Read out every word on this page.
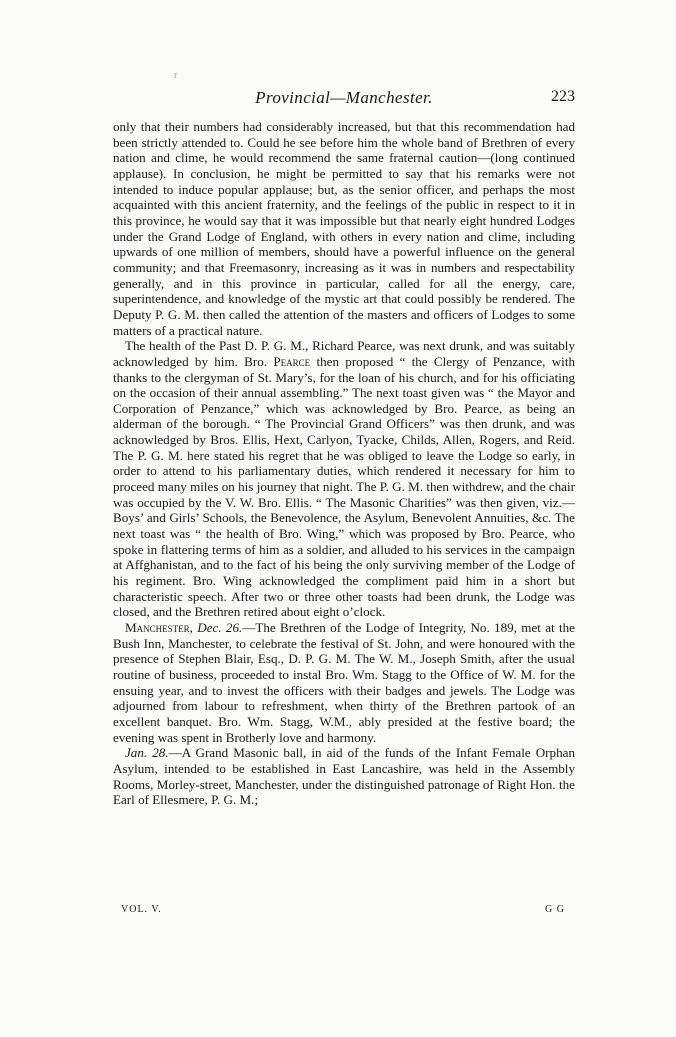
r
Provincial—Manchester.	223

only that their numbers had considerably increased, but that this recommendation had been strictly attended to. Could he see before him the whole band of Brethren of every nation and clime, he would recommend the same fraternal caution—(long continued applause). In conclusion, he might be permitted to say that his remarks were not intended to induce popular applause; but, as the senior officer, and perhaps the most acquainted with this ancient fraternity, and the feelings of the public in respect to it in this province, he would say that it was impossible but that nearly eight hundred Lodges under the Grand Lodge of England, with others in every nation and clime, including upwards of one million of members, should have a powerful influence on the general community; and that Freemasonry, increasing as it was in numbers and respectability generally, and in this province in particular, called for all the energy, care, superintendence, and knowledge of the mystic art that could possibly be rendered. The Deputy P. G. M. then called the attention of the masters and officers of Lodges to some matters of a practical nature.

The health of the Past D. P. G. M., Richard Pearce, was next drunk, and was suitably acknowledged by him. Bro. Pearce then proposed “ the Clergy of Penzance, with thanks to the clergyman of St. Mary’s, for the loan of his church, and for his officiating on the occasion of their annual assembling.” The next toast given was “ the Mayor and Corporation of Penzance,” which was acknowledged by Bro. Pearce, as being an alderman of the borough. “ The Provincial Grand Officers” was then drunk, and was acknowledged by Bros. Ellis, Hext, Carlyon, Tyacke, Childs, Allen, Rogers, and Reid. The P. G. M. here stated his regret that he was obliged to leave the Lodge so early, in order to attend to his parliamentary duties, which rendered it necessary for him to proceed many miles on his journey that night. The P. G. M. then withdrew, and the chair was occupied by the V. W. Bro. Ellis. “ The Masonic Charities” was then given, viz.—Boys’ and Girls’ Schools, the Benevolence, the Asylum, Benevolent Annuities, &c. The next toast was “ the health of Bro. Wing,” which was proposed by Bro. Pearce, who spoke in flattering terms of him as a soldier, and alluded to his services in the campaign at Affghanistan, and to the fact of his being the only surviving member of the Lodge of his regiment. Bro. Wing acknowledged the compliment paid him in a short but characteristic speech. After two or three other toasts had been drunk, the Lodge was closed, and the Brethren retired about eight o’clock.

Manchester, Dec. 26.—The Brethren of the Lodge of Integrity, No. 189, met at the Bush Inn, Manchester, to celebrate the festival of St. John, and were honoured with the presence of Stephen Blair, Esq., D. P. G. M. The W. M., Joseph Smith, after the usual routine of business, proceeded to instal Bro. Wm. Stagg to the Office of W. M. for the ensuing year, and to invest the officers with their badges and jewels. The Lodge was adjourned from labour to refreshment, when thirty of the Brethren partook of an excellent banquet. Bro. Wm. Stagg, W.M., ably presided at the festive board; the evening was spent in Brotherly love and harmony.

Jan. 28.—A Grand Masonic ball, in aid of the funds of the Infant Female Orphan Asylum, intended to be established in East Lancashire, was held in the Assembly Rooms, Morley-street, Manchester, under the distinguished patronage of Right Hon. the Earl of Ellesmere, P. G. M.;

VOL. V.	G G
